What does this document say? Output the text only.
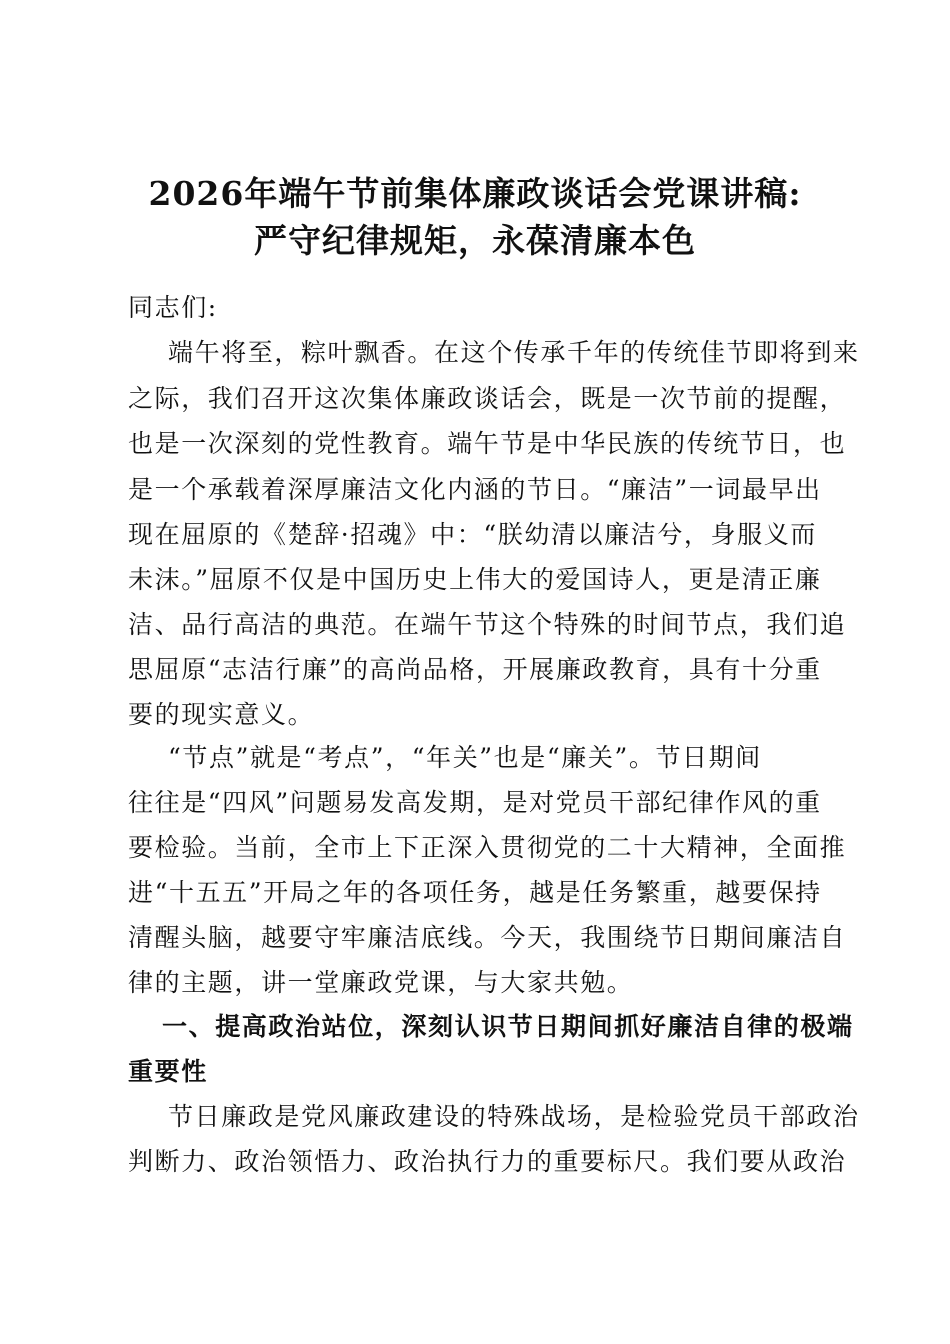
2026年端午节前集体廉政谈话会党课讲稿:
严守纪律规矩，永葆清廉本色
同志们:
端午将至，粽叶飘香。在这个传承千年的传统佳节即将到来
之际，我们召开这次集体廉政谈话会，既是一次节前的提醒，
也是一次深刻的党性教育。端午节是中华民族的传统节日，也
是一个承载着深厚廉洁文化内涵的节日。“廉洁”一词最早出
现在屈原的《楚辞·招魂》中：“朕幼清以廉洁兮，身服义而
未沫。”屈原不仅是中国历史上伟大的爱国诗人，更是清正廉
洁、品行高洁的典范。在端午节这个特殊的时间节点，我们追
思屈原“志洁行廉”的高尚品格，开展廉政教育，具有十分重
要的现实意义。
“节点”就是“考点”，“年关”也是“廉关”。节日期间
往往是“四风”问题易发高发期，是对党员干部纪律作风的重
要检验。当前，全市上下正深入贯彻党的二十大精神，全面推
进“十五五”开局之年的各项任务，越是任务繁重，越要保持
清醒头脑，越要守牢廉洁底线。今天，我围绕节日期间廉洁自
律的主题，讲一堂廉政党课，与大家共勉。
一、提高政治站位，深刻认识节日期间抓好廉洁自律的极端
重要性
节日廉政是党风廉政建设的特殊战场，是检验党员干部政治
判断力、政治领悟力、政治执行力的重要标尺。我们要从政治
